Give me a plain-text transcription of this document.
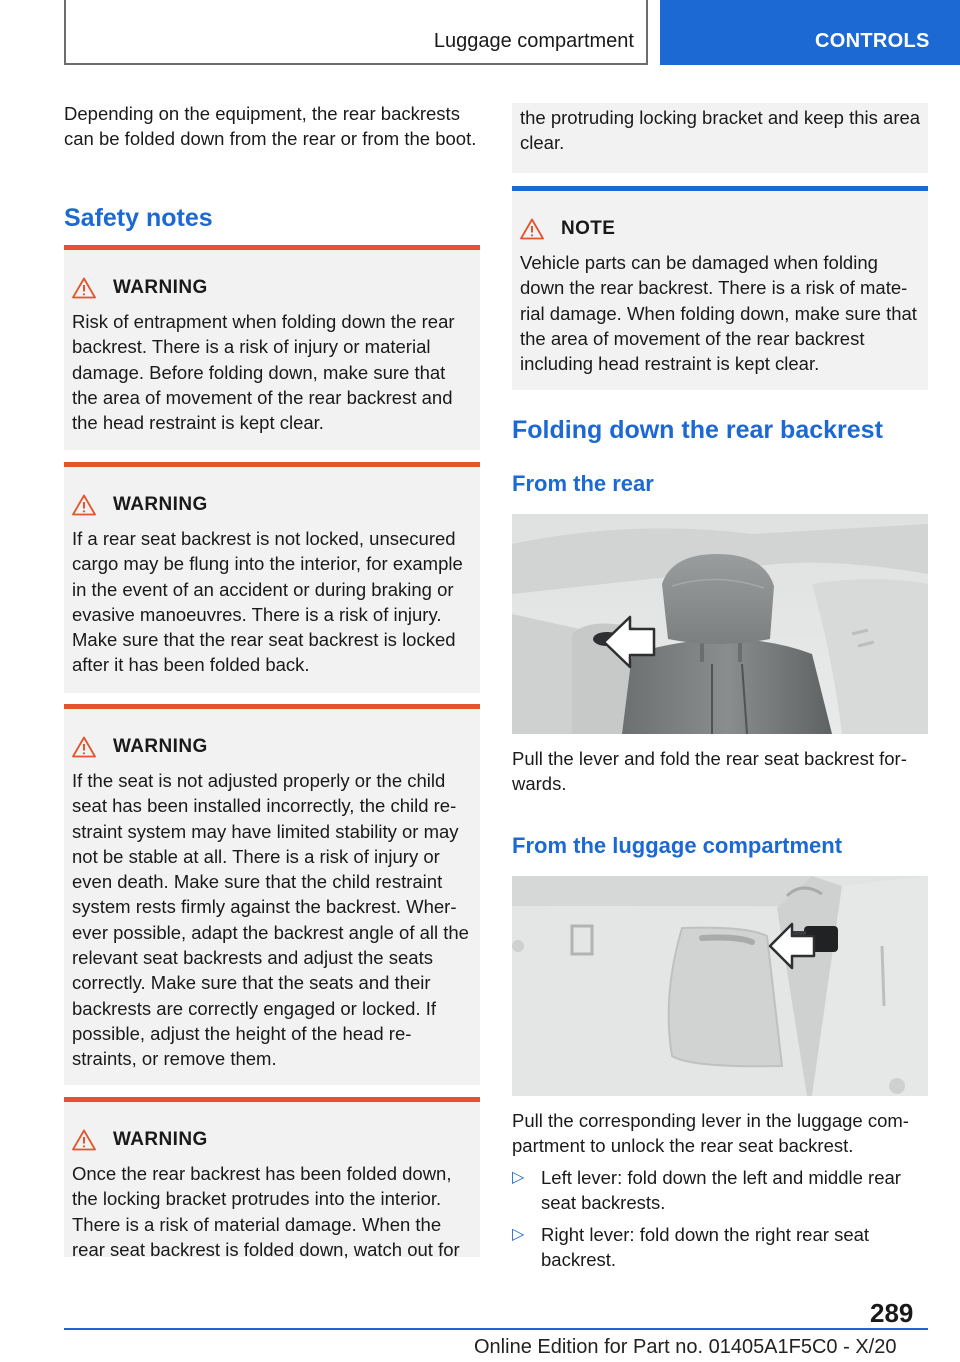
Luggage compartment	CONTROLS

Depending on the equipment, the rear backrests can be folded down from the rear or from the boot.

Safety notes
WARNING
Risk of entrapment when folding down the rear backrest. There is a risk of injury or material damage. Before folding down, make sure that the area of movement of the rear backrest and the head restraint is kept clear.
WARNING
If a rear seat backrest is not locked, unsecured cargo may be flung into the interior, for example in the event of an accident or during braking or evasive manoeuvres. There is a risk of injury. Make sure that the rear seat backrest is locked after it has been folded back.
WARNING
If the seat is not adjusted properly or the child seat has been installed incorrectly, the child re- straint system may have limited stability or may not be stable at all. There is a risk of injury or even death. Make sure that the child restraint system rests firmly against the backrest. Wher- ever possible, adapt the backrest angle of all the relevant seat backrests and adjust the seats correctly. Make sure that the seats and their backrests are correctly engaged or locked. If possible, adjust the height of the head re- straints, or remove them.
WARNING
Once the rear backrest has been folded down, the locking bracket protrudes into the interior. There is a risk of material damage. When the rear seat backrest is folded down, watch out for
the protruding locking bracket and keep this area clear.
NOTE
Vehicle parts can be damaged when folding down the rear backrest. There is a risk of mate- rial damage. When folding down, make sure that the area of movement of the rear backrest including head restraint is kept clear.
Folding down the rear backrest
From the rear

Pull the lever and fold the rear seat backrest for- wards.

From the luggage compartment

Pull the corresponding lever in the luggage com- partment to unlock the rear seat backrest.

▷ Left lever: fold down the left and middle rear seat backrests.
▷ Right lever: fold down the right rear seat backrest.
289
Online Edition for Part no. 01405A1F5C0 - X/20
